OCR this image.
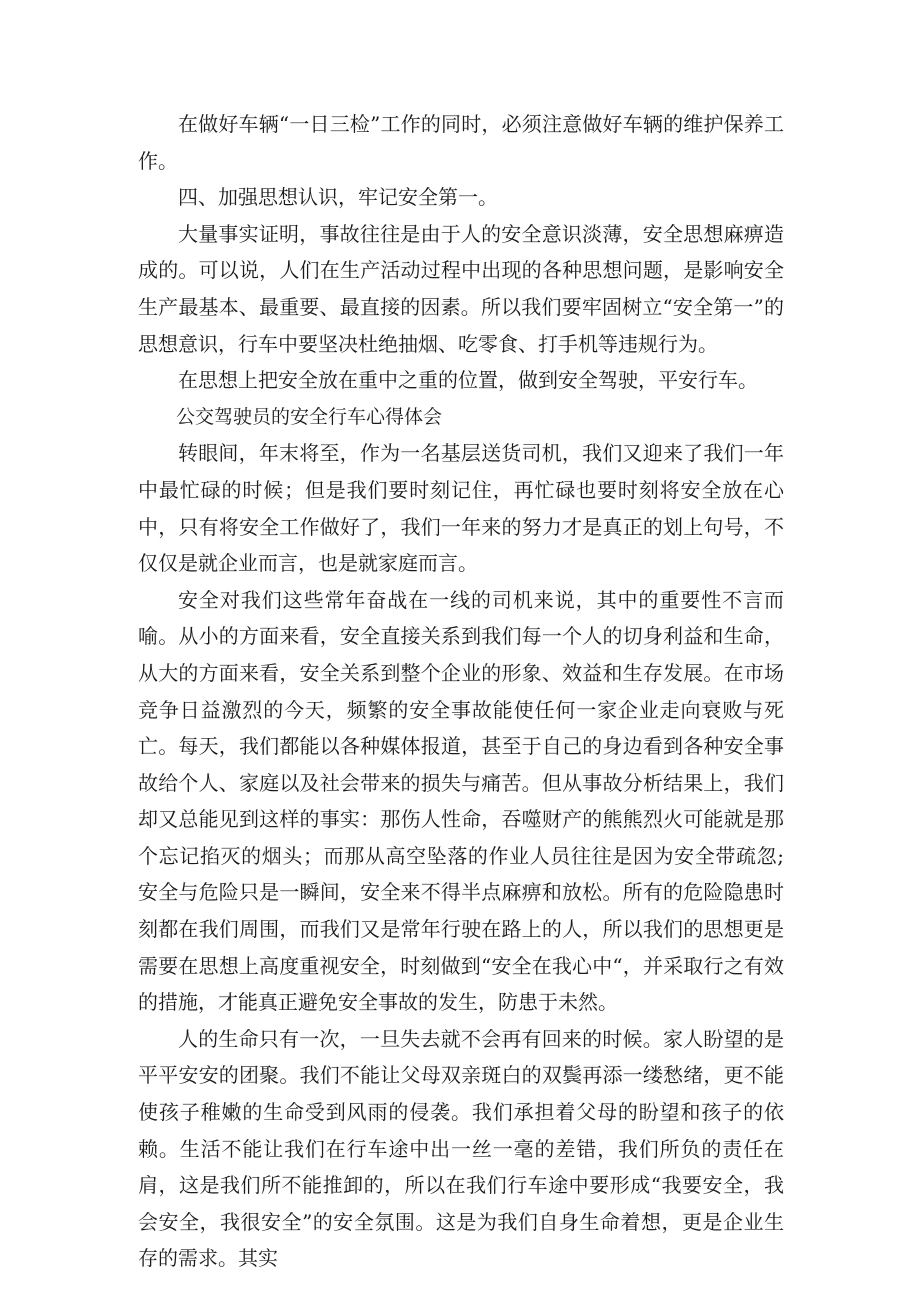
在做好车辆“一日三检”工作的同时，必须注意做好车辆的维护保养工作。

四、加强思想认识，牢记安全第一。

大量事实证明，事故往往是由于人的安全意识淡薄，安全思想麻痹造成的。可以说，人们在生产活动过程中出现的各种思想问题，是影响安全生产最基本、最重要、最直接的因素。所以我们要牢固树立“安全第一”的思想意识，行车中要坚决杜绝抽烟、吃零食、打手机等违规行为。

在思想上把安全放在重中之重的位置，做到安全驾驶，平安行车。

公交驾驶员的安全行车心得体会

转眼间，年末将至，作为一名基层送货司机，我们又迎来了我们一年中最忙碌的时候；但是我们要时刻记住，再忙碌也要时刻将安全放在心中，只有将安全工作做好了，我们一年来的努力才是真正的划上句号，不仅仅是就企业而言，也是就家庭而言。

安全对我们这些常年奋战在一线的司机来说，其中的重要性不言而喻。从小的方面来看，安全直接关系到我们每一个人的切身利益和生命，从大的方面来看，安全关系到整个企业的形象、效益和生存发展。在市场竞争日益激烈的今天，频繁的安全事故能使任何一家企业走向衰败与死亡。每天，我们都能以各种媒体报道，甚至于自己的身边看到各种安全事故给个人、家庭以及社会带来的损失与痛苦。但从事故分析结果上，我们却又总能见到这样的事实：那伤人性命，吞噬财产的熊熊烈火可能就是那个忘记掐灭的烟头；而那从高空坠落的作业人员往往是因为安全带疏忽;安全与危险只是一瞬间，安全来不得半点麻痹和放松。所有的危险隐患时刻都在我们周围，而我们又是常年行驶在路上的人，所以我们的思想更是需要在思想上高度重视安全，时刻做到“安全在我心中“，并采取行之有效的措施，才能真正避免安全事故的发生，防患于未然。

人的生命只有一次，一旦失去就不会再有回来的时候。家人盼望的是平平安安的团聚。我们不能让父母双亲斑白的双鬓再添一缕愁绪，更不能使孩子稚嫩的生命受到风雨的侵袭。我们承担着父母的盼望和孩子的依赖。生活不能让我们在行车途中出一丝一毫的差错，我们所负的责任在肩，这是我们所不能推卸的，所以在我们行车途中要形成“我要安全，我会安全，我很安全”的安全氛围。这是为我们自身生命着想，更是企业生存的需求。其实
